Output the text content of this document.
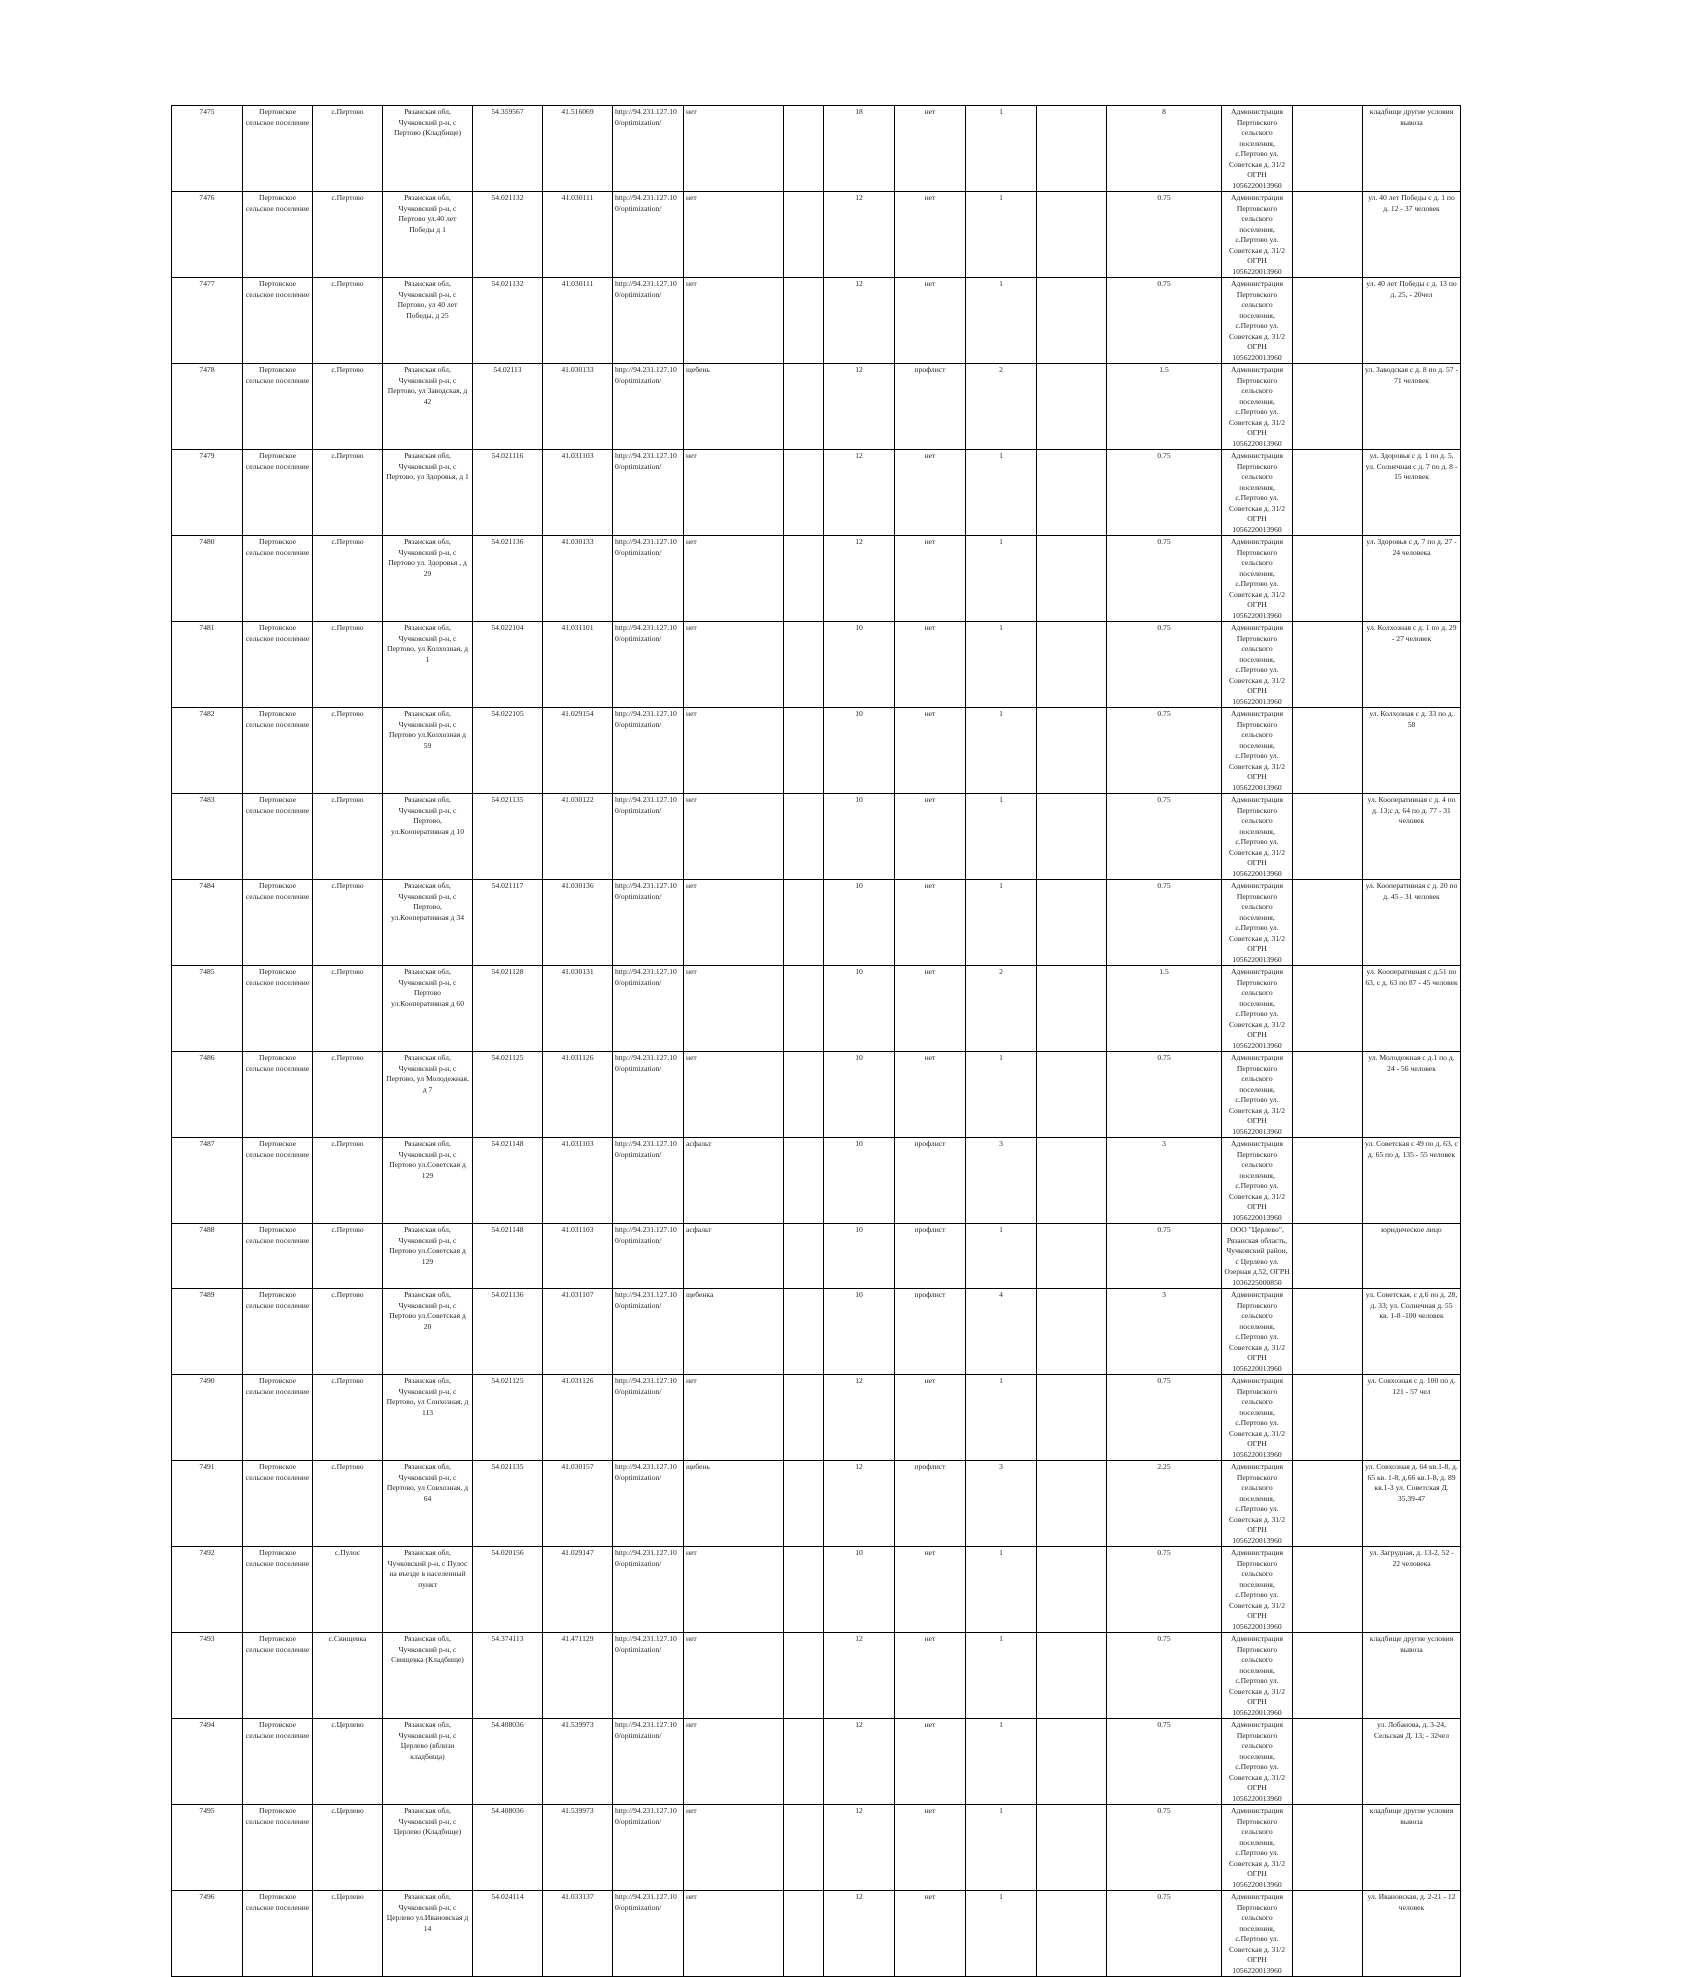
7475	Пертовское сельское поселение	с.Пертово	Рязанская обл, Чучковский р-н, с Пертово (Кладбище)	54.359567	41.516069	http://94.231.127.10 0/optimization/	нет		18	нет	1		8	Администрация Пертовского сельского поселения, с.Пертово ул. Советская д. 31/2 ОГРН 1056220013960		кладбище другие условия вывоза
7476	Пертовское сельское поселение	с.Пертово	Рязанская обл, Чучковский р-н, с Пертово ул.40 лет Победы д 1	54.021132	41.030111	http://94.231.127.10 0/optimization/	нет		12	нет	1		0.75	Администрация Пертовского сельского поселения, с.Пертово ул. Советская д. 31/2 ОГРН 1056220013960		ул. 40 лет Победы с д. 1 по д. 12 - 37 человек
7477	Пертовское сельское поселение	с.Пертово	Рязанская обл, Чучковский р-н, с Пертово, ул 40 лет Победы, д 25	54.021132	41.030111	http://94.231.127.10 0/optimization/	нет		12	нет	1		0.75	Администрация Пертовского сельского поселения, с.Пертово ул. Советская д. 31/2 ОГРН 1056220013960		ул. 40 лет Победы с д. 13 по д. 25, - 20чел
7478	Пертовское сельское поселение	с.Пертово	Рязанская обл, Чучковский р-н, с Пертово, ул Заводская, д 42	54.02113	41.030133	http://94.231.127.10 0/optimization/	щебень		12	профлист	2		1.5	Администрация Пертовского сельского поселения, с.Пертово ул. Советская д. 31/2 ОГРН 1056220013960		ул. Заводская с д. 8 по д. 57 - 71 человек
7479	Пертовское сельское поселение	с.Пертово	Рязанская обл, Чучковский р-н, с Пертово, ул Здоровья, д 1	54.021116	41.031103	http://94.231.127.10 0/optimization/	нет		12	нет	1		0.75	Администрация Пертовского сельского поселения, с.Пертово ул. Советская д. 31/2 ОГРН 1056220013960		ул. Здоровья с д. 1 по д. 5, ул. Солнечная с д. 7 по д. 8 - 15 человек
7480	Пертовское сельское поселение	с.Пертово	Рязанская обл, Чучковский р-н, с Пертово ул. Здоровья , д 29	54.021136	41.030133	http://94.231.127.10 0/optimization/	нет		12	нет	1		0.75	Администрация Пертовского сельского поселения, с.Пертово ул. Советская д. 31/2 ОГРН 1056220013960		ул. Здоровья с д. 7 по д. 27 - 24 человека
7481	Пертовское сельское поселение	с.Пертово	Рязанская обл, Чучковский р-н, с Пертово, ул Колхозная, д 1	54.022104	41.031101	http://94.231.127.10 0/optimization/	нет		10	нет	1		0.75	Администрация Пертовского сельского поселения, с.Пертово ул. Советская д. 31/2 ОГРН 1056220013960		ул. Колхозная с д. 1 по д. 29 - 27 человек
7482	Пертовское сельское поселение	с.Пертово	Рязанская обл, Чучковский р-н, с Пертово ул.Колхозная д 59	54.022105	41.029154	http://94.231.127.10 0/optimization/	нет		10	нет	1		0.75	Администрация Пертовского сельского поселения, с.Пертово ул. Советская д. 31/2 ОГРН 1056220013960		ул. Колхозная с д. 33 по д. 58
7483	Пертовское сельское поселение	с.Пертово	Рязанская обл, Чучковский р-н, с Пертово, ул.Кооперативная д 10	54.021135	41.030122	http://94.231.127.10 0/optimization/	нет		10	нет	1		0.75	Администрация Пертовского сельского поселения, с.Пертово ул. Советская д. 31/2 ОГРН 1056220013960		ул. Кооперативная с д. 4 по д. 13;с д. 64 по д. 77 - 31 человек
7484	Пертовское сельское поселение	с.Пертово	Рязанская обл, Чучковский р-н, с Пертово, ул.Кооперативная д 34	54.021117	41.030136	http://94.231.127.10 0/optimization/	нет		10	нет	1		0.75	Администрация Пертовского сельского поселения, с.Пертово ул. Советская д. 31/2 ОГРН 1056220013960		ул. Кооперативная с д. 20 по д. 45 - 31 человек
7485	Пертовское сельское поселение	с.Пертово	Рязанская обл, Чучковский р-н, с Пертово ул.Кооперативная д 60	54.021128	41.030131	http://94.231.127.10 0/optimization/	нет		10	нет	2		1.5	Администрация Пертовского сельского поселения, с.Пертово ул. Советская д. 31/2 ОГРН 1056220013960		ул. Кооперативная с д.51 по 63, с д. 63 по 87 - 45 человек
7486	Пертовское сельское поселение	с.Пертово	Рязанская обл, Чучковский р-н, с Пертово, ул Молодежная, д 7	54.021125	41.031126	http://94.231.127.10 0/optimization/	нет		10	нет	1		0.75	Администрация Пертовского сельского поселения, с.Пертово ул. Советская д. 31/2 ОГРН 1056220013960		ул. Молодежная с д.1 по д. 24 - 56 человек
7487	Пертовское сельское поселение	с.Пертово	Рязанская обл, Чучковский р-н, с Пертово ул.Советская д 129	54.021148	41.031103	http://94.231.127.10 0/optimization/	асфальт		10	профлист	3		3	Администрация Пертовского сельского поселения, с.Пертово ул. Советская д. 31/2 ОГРН 1056220013960		ул. Советская с 49 по д. 63, с д. 65 по д. 135 - 55 человек
7488	Пертовское сельское поселение	с.Пертово	Рязанская обл, Чучковский р-н, с Пертово ул.Советская д 129	54.021148	41.031103	http://94.231.127.10 0/optimization/	асфальт		10	профлист	1		0.75	ООО "Церлево", Рязанская область, Чучковский район, с Церлево ул. Озерная д.52, ОГРН 1036225000850		юридическое лицо
7489	Пертовское сельское поселение	с.Пертово	Рязанская обл, Чучковский р-н, с Пертово ул.Советская д 20	54.021136	41.031107	http://94.231.127.10 0/optimization/	щебенка		10	профлист	4		3	Администрация Пертовского сельского поселения, с.Пертово ул. Советская д. 31/2 ОГРН 1056220013960		ул. Советская, с д.6 по д. 28, д. 33; ул. Солнечная д. 55 кв. 1-8 -100 человек
7490	Пертовское сельское поселение	с.Пертово	Рязанская обл, Чучковский р-н, с Пертово, ул Сонхозная, д 113	54.021125	41.031126	http://94.231.127.10 0/optimization/	нет		12	нет	1		0.75	Администрация Пертовского сельского поселения, с.Пертово ул. Советская д. 31/2 ОГРН 1056220013960		ул. Совхозная с д. 100 по д. 121 - 57 чел
7491	Пертовское сельское поселение	с.Пертово	Рязанская обл, Чучковский р-н, с Пертово, ул Совхозная, д 64	54.021135	41.030157	http://94.231.127.10 0/optimization/	щебень		12	профлист	3		2.25	Администрация Пертовского сельского поселения, с.Пертово ул. Советская д. 31/2 ОГРН 1056220013960		ул. Совхозная д. 64 кв.1-8, д. 65 кв. 1-8, д.66 кв.1-8, д. 89 кв.1-3 ул. Советская Д. 35,39-47
7492	Пертовское сельское поселение	с.Пулос	Рязанская обл, Чучковский р-н, с Пулос на въезде в населенный пункт	54.020156	41.029147	http://94.231.127.10 0/optimization/	нет		10	нет	1		0.75	Администрация Пертовского сельского поселения, с.Пертово ул. Советская д. 31/2 ОГРН 1056220013960		ул. Загрудная, д. 13-2, 52 - 22 человека
7493	Пертовское сельское поселение	с.Свищевка	Рязанская обл, Чучковский р-н, с Свищевка (Кладбище)	54.374113	41.471129	http://94.231.127.10 0/optimization/	нет		12	нет	1		0.75	Администрация Пертовского сельского поселения, с.Пертово ул. Советская д. 31/2 ОГРН 1056220013960		кладбище другие условия вывоза
7494	Пертовское сельское поселение	с.Церлево	Рязанская обл, Чучковский р-н, с Церлево (вблизи кладбища)	54.408036	41.539973	http://94.231.127.10 0/optimization/	нет		12	нет	1		0.75	Администрация Пертовского сельского поселения, с.Пертово ул. Советская д. 31/2 ОГРН 1056220013960		ул. Лобанова, д. 3-24, Сельская Д. 13; - 32чел
7495	Пертовское сельское поселение	с.Церлево	Рязанская обл, Чучковский р-н, с Церлево (Кладбище)	54.408036	41.539973	http://94.231.127.10 0/optimization/	нет		12	нет	1		0.75	Администрация Пертовского сельского поселения, с.Пертово ул. Советская д. 31/2 ОГРН 1056220013960		кладбище другие условия вывоза
7496	Пертовское сельское поселение	с.Церлево	Рязанская обл, Чучковский р-н, с Церлево ул.Ивановская д 14	54.024114	41.033137	http://94.231.127.10 0/optimization/	нет		12	нет	1		0.75	Администрация Пертовского сельского поселения, с.Пертово ул. Советская д. 31/2 ОГРН 1056220013960		ул. Ивановская, д. 2-21 - 12 человек
